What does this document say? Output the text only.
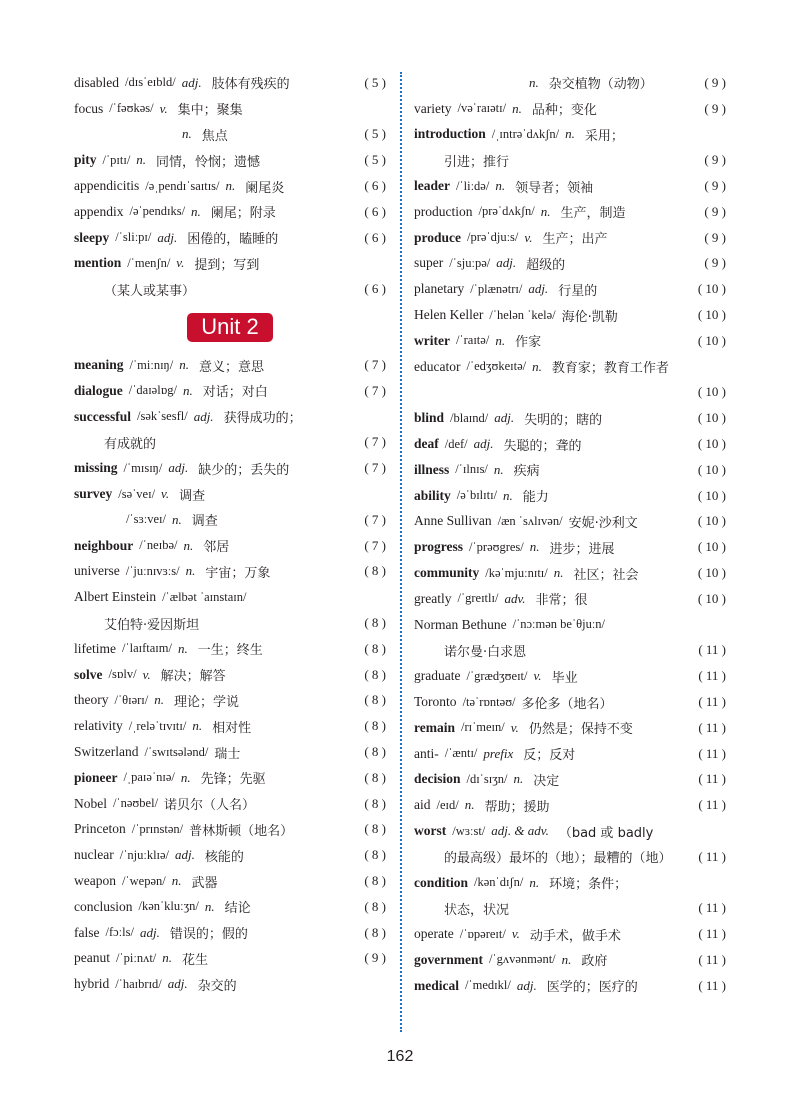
disabled /dɪsˈeɪbld/ adj. 肢体有残疾的	( 5 )
focus /ˈfəʊkəs/ v. 集中；聚集
n. 焦点	( 5 )
pity /ˈpɪtɪ/ n. 同情，怜悯；遗憾	( 5 )
appendicitis /əˌpendɪˈsaɪtɪs/ n. 阑尾炎	( 6 )
appendix /əˈpendɪks/ n. 阑尾；附录	( 6 )
sleepy /ˈsliːpɪ/ adj. 困倦的，瞌睡的	( 6 )
mention /ˈmenʃn/ v. 提到；写到
（某人或某事）	( 6 )
Unit 2
meaning /ˈmiːnɪŋ/ n. 意义；意思	( 7 )
dialogue /ˈdaɪəlɒg/ n. 对话；对白	( 7 )
successful /səkˈsesfl/ adj. 获得成功的；
有成就的	( 7 )
missing /ˈmɪsɪŋ/ adj. 缺少的；丢失的	( 7 )
survey /səˈveɪ/ v. 调查
/ˈsɜːveɪ/ n. 调查	( 7 )
neighbour /ˈneɪbə/ n. 邻居	( 7 )
universe /ˈjuːnɪvɜːs/ n. 宇宙；万象	( 8 )
Albert Einstein /ˈælbət ˈaɪnstaɪn/
艾伯特·爱因斯坦	( 8 )
lifetime /ˈlaɪftaɪm/ n. 一生；终生	( 8 )
solve /sɒlv/ v. 解决；解答	( 8 )
theory /ˈθɪərɪ/ n. 理论；学说	( 8 )
relativity /ˌreləˈtɪvɪtɪ/ n. 相对性	( 8 )
Switzerland /ˈswɪtsələnd/ 瑞士	( 8 )
pioneer /ˌpaɪəˈnɪə/ n. 先锋；先驱	( 8 )
Nobel /ˈnəʊbel/ 诺贝尔（人名）	( 8 )
Princeton /ˈprɪnstən/ 普林斯顿（地名）	( 8 )
nuclear /ˈnjuːklɪə/ adj. 核能的	( 8 )
weapon /ˈwepən/ n. 武器	( 8 )
conclusion /kənˈkluːʒn/ n. 结论	( 8 )
false /fɔːls/ adj. 错误的；假的	( 8 )
peanut /ˈpiːnʌt/ n. 花生	( 9 )
hybrid /ˈhaɪbrɪd/ adj. 杂交的
n. 杂交植物（动物）	( 9 )
variety /vəˈraɪətɪ/ n. 品种；变化	( 9 )
introduction /ˌɪntrəˈdʌkʃn/ n. 采用；
引进；推行	( 9 )
leader /ˈliːdə/ n. 领导者；领袖	( 9 )
production /prəˈdʌkʃn/ n. 生产，制造	( 9 )
produce /prəˈdjuːs/ v. 生产；出产	( 9 )
super /ˈsjuːpə/ adj. 超级的	( 9 )
planetary /ˈplænətrɪ/ adj. 行星的	( 10 )
Helen Keller /ˈhelən ˈkelə/ 海伦·凯勒	( 10 )
writer /ˈraɪtə/ n. 作家	( 10 )
educator /ˈedʒʊkeɪtə/ n. 教育家；教育工作者
( 10 )
blind /blaɪnd/ adj. 失明的；瞎的	( 10 )
deaf /def/ adj. 失聪的；聋的	( 10 )
illness /ˈɪlnɪs/ n. 疾病	( 10 )
ability /əˈbɪlɪtɪ/ n. 能力	( 10 )
Anne Sullivan /æn ˈsʌlɪvən/ 安妮·沙利文	( 10 )
progress /ˈprəʊgres/ n. 进步；进展	( 10 )
community /kəˈmjuːnɪtɪ/ n. 社区；社会	( 10 )
greatly /ˈgreɪtlɪ/ adv. 非常；很	( 10 )
Norman Bethune /ˈnɔːmən beˈθjuːn/
诺尔曼·白求恩	( 11 )
graduate /ˈgrædʒʊeɪt/ v. 毕业	( 11 )
Toronto /təˈrɒntəʊ/ 多伦多（地名）	( 11 )
remain /rɪˈmeɪn/ v. 仍然是；保持不变	( 11 )
anti- /ˈæntɪ/ prefix 反；反对	( 11 )
decision /dɪˈsɪʒn/ n. 决定	( 11 )
aid /eɪd/ n. 帮助；援助	( 11 )
worst /wɜːst/ adj. & adv. （bad 或 badly
的最高级）最坏的（地）；最糟的（地） ( 11 )
condition /kənˈdɪʃn/ n. 环境；条件；
状态，状况	( 11 )
operate /ˈɒpəreɪt/ v. 动手术，做手术	( 11 )
government /ˈgʌvənmənt/ n. 政府	( 11 )
medical /ˈmedɪkl/ adj. 医学的；医疗的	( 11 )
162
